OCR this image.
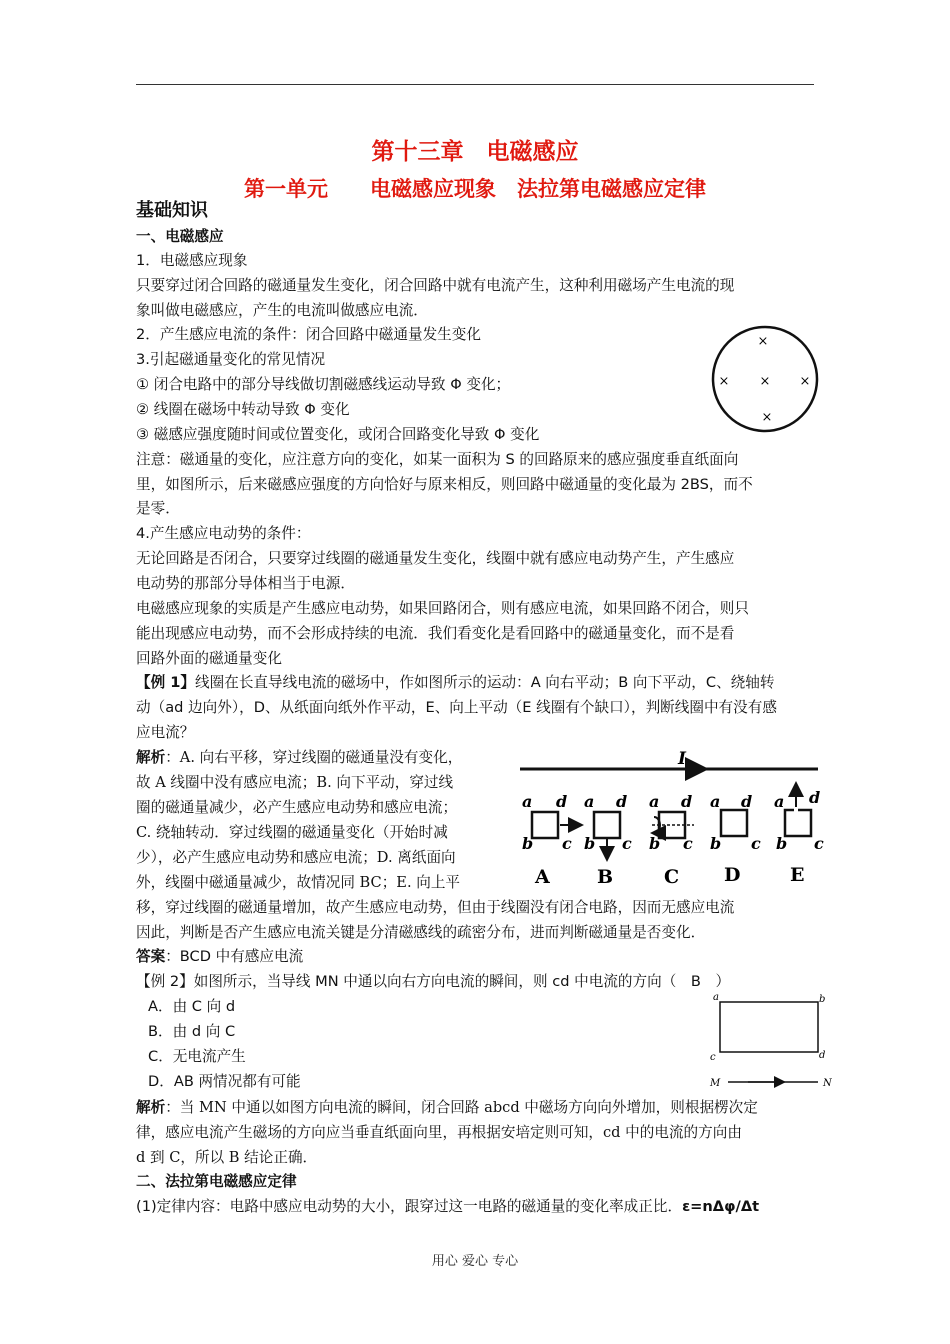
第十三章　电磁感应
第一单元　　电磁感应现象　法拉第电磁感应定律
基础知识
一、电磁感应
1．电磁感应现象
只要穿过闭合回路的磁通量发生变化，闭合回路中就有电流产生，这种利用磁场产生电流的现
象叫做电磁感应，产生的电流叫做感应电流．
2．产生感应电流的条件：闭合回路中磁通量发生变化
3.引起磁通量变化的常见情况
① 闭合电路中的部分导线做切割磁感线运动导致 Φ 变化；
② 线圈在磁场中转动导致 Φ 变化
③ 磁感应强度随时间或位置变化，或闭合回路变化导致 Φ 变化
×
× × ×
×
注意：磁通量的变化，应注意方向的变化，如某一面积为 S 的回路原来的感应强度垂直纸面向
里，如图所示，后来磁感应强度的方向恰好与原来相反，则回路中磁通量的变化最为 2BS，而不
是零．
4.产生感应电动势的条件：
无论回路是否闭合，只要穿过线圈的磁通量发生变化，线圈中就有感应电动势产生，产生感应
电动势的那部分导体相当于电源．
电磁感应现象的实质是产生感应电动势，如果回路闭合，则有感应电流，如果回路不闭合，则只
能出现感应电动势，而不会形成持续的电流．我们看变化是看回路中的磁通量变化，而不是看
回路外面的磁通量变化
【例 1】线圈在长直导线电流的磁场中，作如图所示的运动：A 向右平动；B 向下平动，C、绕轴转
动（ad 边向外），D、从纸面向纸外作平动，E、向上平动（E 线圈有个缺口），判断线圈中有没有感
应电流？
解析：A. 向右平移，穿过线圈的磁通量没有变化，
故 A 线圈中没有感应电流；B. 向下平动，穿过线
圈的磁通量减少，必产生感应电动势和感应电流；
C. 绕轴转动．穿过线圈的磁通量变化（开始时减
少），必产生感应电动势和感应电流；D. 离纸面向
外，线圈中磁通量减少，故情况同 BC；E. 向上平
I
a d
b c
A
a d
b c
B
a d
b c
C
a d
b c
D
a d
b c
E
移，穿过线圈的磁通量增加，故产生感应电动势，但由于线圈没有闭合电路，因而无感应电流
因此，判断是否产生感应电流关键是分清磁感线的疏密分布，进而判断磁通量是否变化．
答案：BCD 中有感应电流
【例 2】如图所示，当导线 MN 中通以向右方向电流的瞬间，则 cd 中电流的方向（　B　）
A．由 C 向 d
B．由 d 向 C
C．无电流产生
D．AB 两情况都有可能
a	b
c	d
M	N
解析：当 MN 中通以如图方向电流的瞬间，闭合回路 abcd 中磁场方向向外增加，则根据楞次定
律，感应电流产生磁场的方向应当垂直纸面向里，再根据安培定则可知，cd 中的电流的方向由
d 到 C，所以 B 结论正确．
二、法拉第电磁感应定律
(1)定律内容：电路中感应电动势的大小，跟穿过这一电路的磁通量的变化率成正比．ε=nΔφ/Δt
用心 爱心 专心
